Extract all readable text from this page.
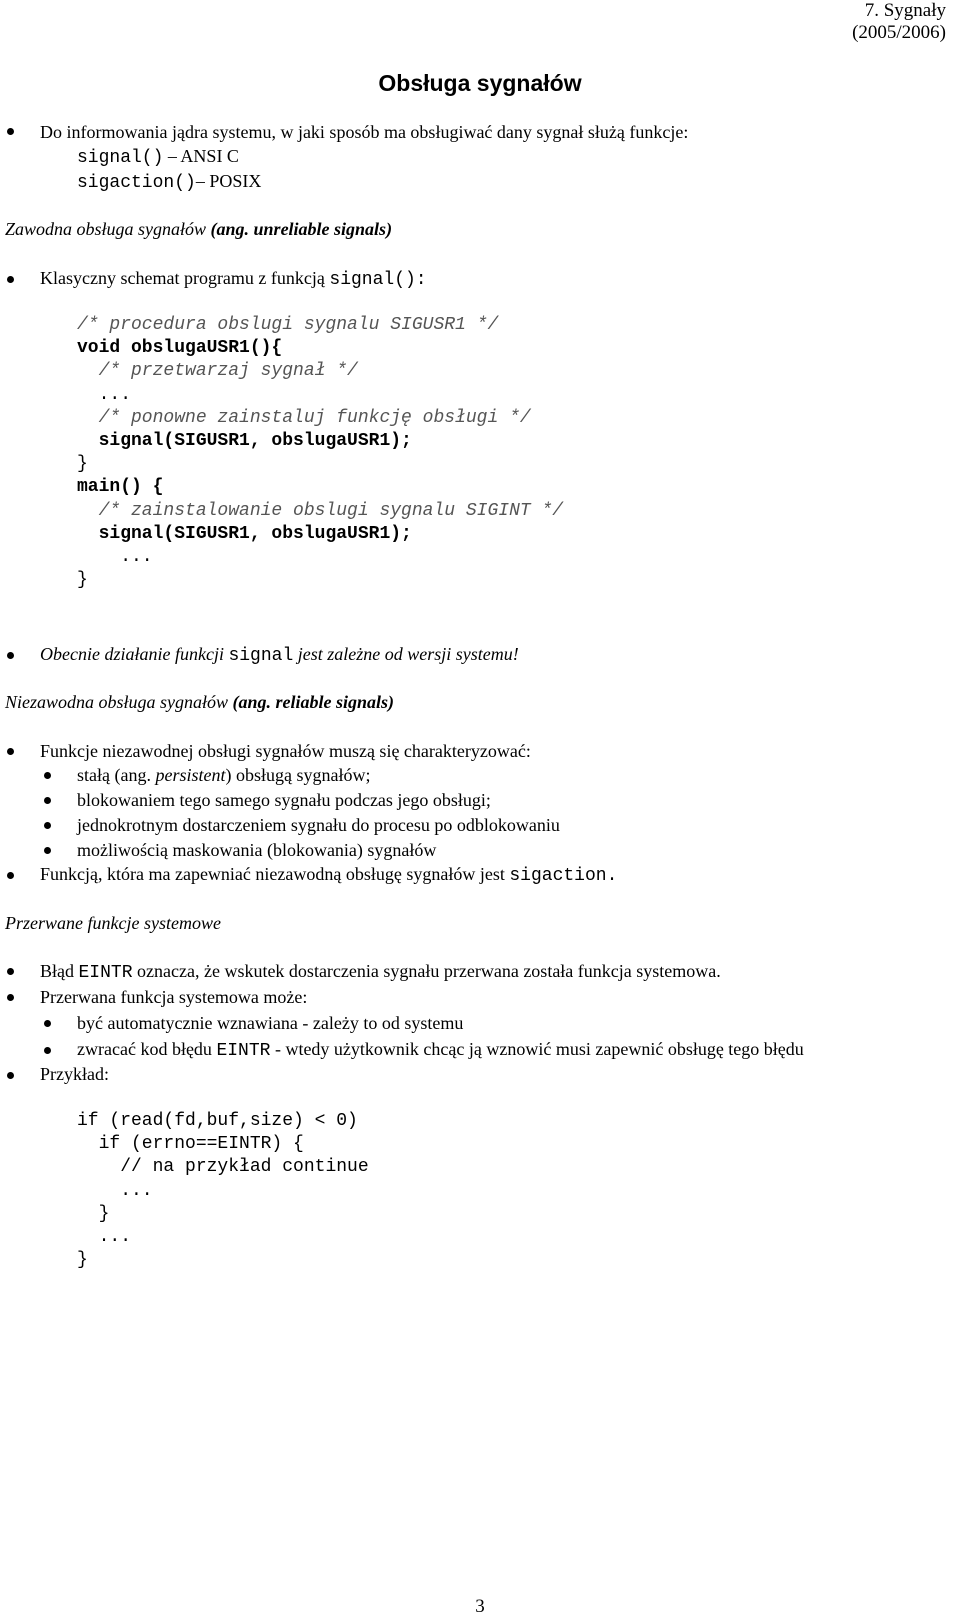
7. Sygnały
(2005/2006)
Obsługa sygnałów
Do informowania jądra systemu, w jaki sposób ma obsługiwać dany sygnał służą funkcje:
signal() – ANSI C
sigaction()– POSIX
Zawodna obsługa sygnałów (ang. unreliable signals)
Klasyczny schemat programu z funkcją signal():
/* procedura obslugi sygnalu SIGUSR1 */
void obslugaUSR1(){
/* przetwarzaj sygnał */
...
/* ponowne zainstaluj funkcję obsługi */
signal(SIGUSR1, obslugaUSR1);
}
main() {
/* zainstalowanie obslugi sygnalu SIGINT */
signal(SIGUSR1, obslugaUSR1);
...
}
Obecnie działanie funkcji signal jest zależne od wersji systemu!
Niezawodna obsługa sygnałów (ang. reliable signals)
Funkcje niezawodnej obsługi sygnałów muszą się charakteryzować:
stałą (ang. persistent) obsługą sygnałów;
blokowaniem tego samego sygnału podczas jego obsługi;
jednokrotnym dostarczeniem sygnału do procesu po odblokowaniu
możliwością maskowania (blokowania) sygnałów
Funkcją, która ma zapewniać niezawodną obsługę sygnałów jest sigaction.
Przerwane funkcje systemowe
Błąd EINTR oznacza, że wskutek dostarczenia sygnału przerwana została funkcja systemowa.
Przerwana funkcja systemowa może:
być automatycznie wznawiana - zależy to od systemu
zwracać kod błędu EINTR - wtedy użytkownik chcąc ją wznowić musi zapewnić obsługę tego błędu
Przykład:
if (read(fd,buf,size) < 0)
if (errno==EINTR) {
// na przykład continue
...
}
...
}
3
